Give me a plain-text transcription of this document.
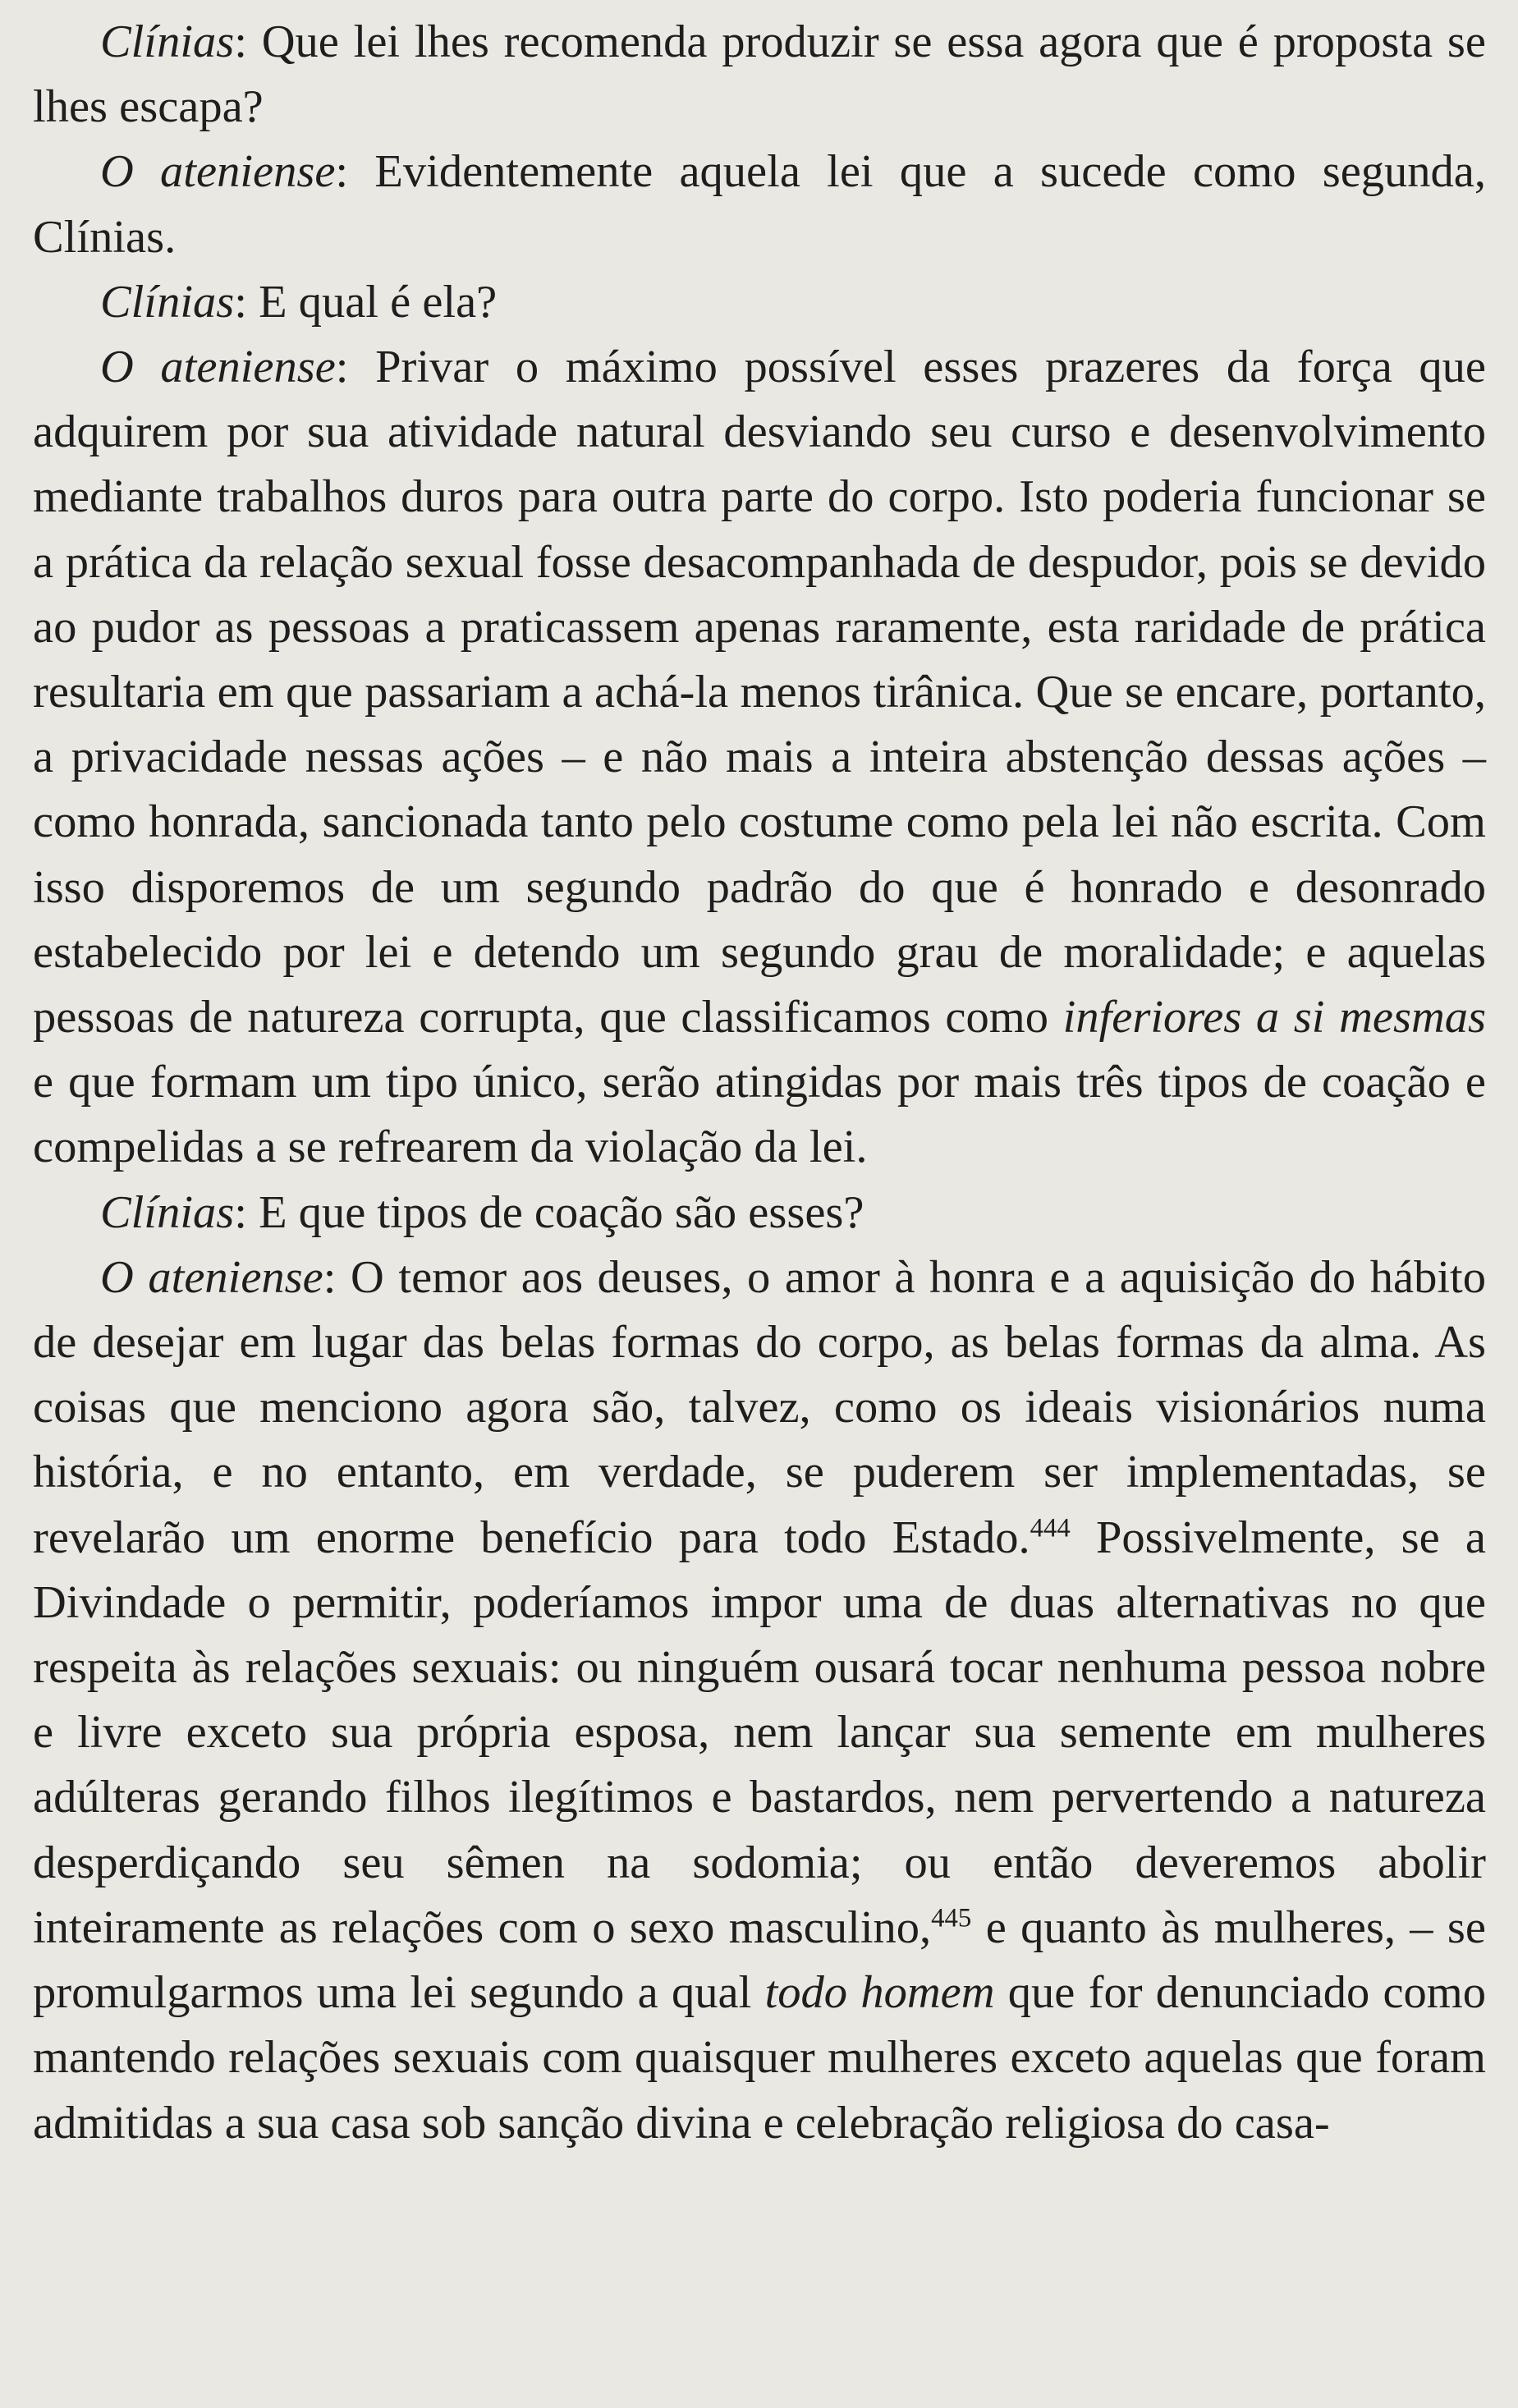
Clínias: Que lei lhes recomenda produzir se essa agora que é proposta se lhes escapa?

O ateniense: Evidentemente aquela lei que a sucede como segunda, Clínias.

Clínias: E qual é ela?

O ateniense: Privar o máximo possível esses prazeres da força que adquirem por sua atividade natural desviando seu curso e desenvolvimento mediante trabalhos duros para outra parte do corpo. Isto poderia funcionar se a prática da relação sexual fosse desacompanhada de despudor, pois se devido ao pudor as pessoas a praticassem apenas raramente, esta raridade de prática resultaria em que passariam a achá-la menos tirânica. Que se encare, portanto, a privacidade nessas ações – e não mais a inteira abstenção dessas ações – como honrada, sancionada tanto pelo costume como pela lei não escrita. Com isso disporemos de um segundo padrão do que é honrado e desonrado estabelecido por lei e detendo um segundo grau de moralidade; e aquelas pessoas de natureza corrupta, que classificamos como inferiores a si mesmas e que formam um tipo único, serão atingidas por mais três tipos de coação e compelidas a se refrearem da violação da lei.

Clínias: E que tipos de coação são esses?

O ateniense: O temor aos deuses, o amor à honra e a aquisição do hábito de desejar em lugar das belas formas do corpo, as belas formas da alma. As coisas que menciono agora são, talvez, como os ideais visionários numa história, e no entanto, em verdade, se puderem ser implementadas, se revelarão um enorme benefício para todo Estado.$^{444}$ Possivelmente, se a Divindade o permitir, poderíamos impor uma de duas alternativas no que respeita às relações sexuais: ou ninguém ousará tocar nenhuma pessoa nobre e livre exceto sua própria esposa, nem lançar sua semente em mulheres adúlteras gerando filhos ilegítimos e bastardos, nem pervertendo a natureza desperdiçando seu sêmen na sodomia; ou então deveremos abolir inteiramente as relações com o sexo masculino,$^{445}$ e quanto às mulheres, – se promulgarmos uma lei segundo a qual todo homem que for denunciado como mantendo relações sexuais com quaisquer mulheres exceto aquelas que foram admitidas a sua casa sob sanção divina e celebração religiosa do casa-
